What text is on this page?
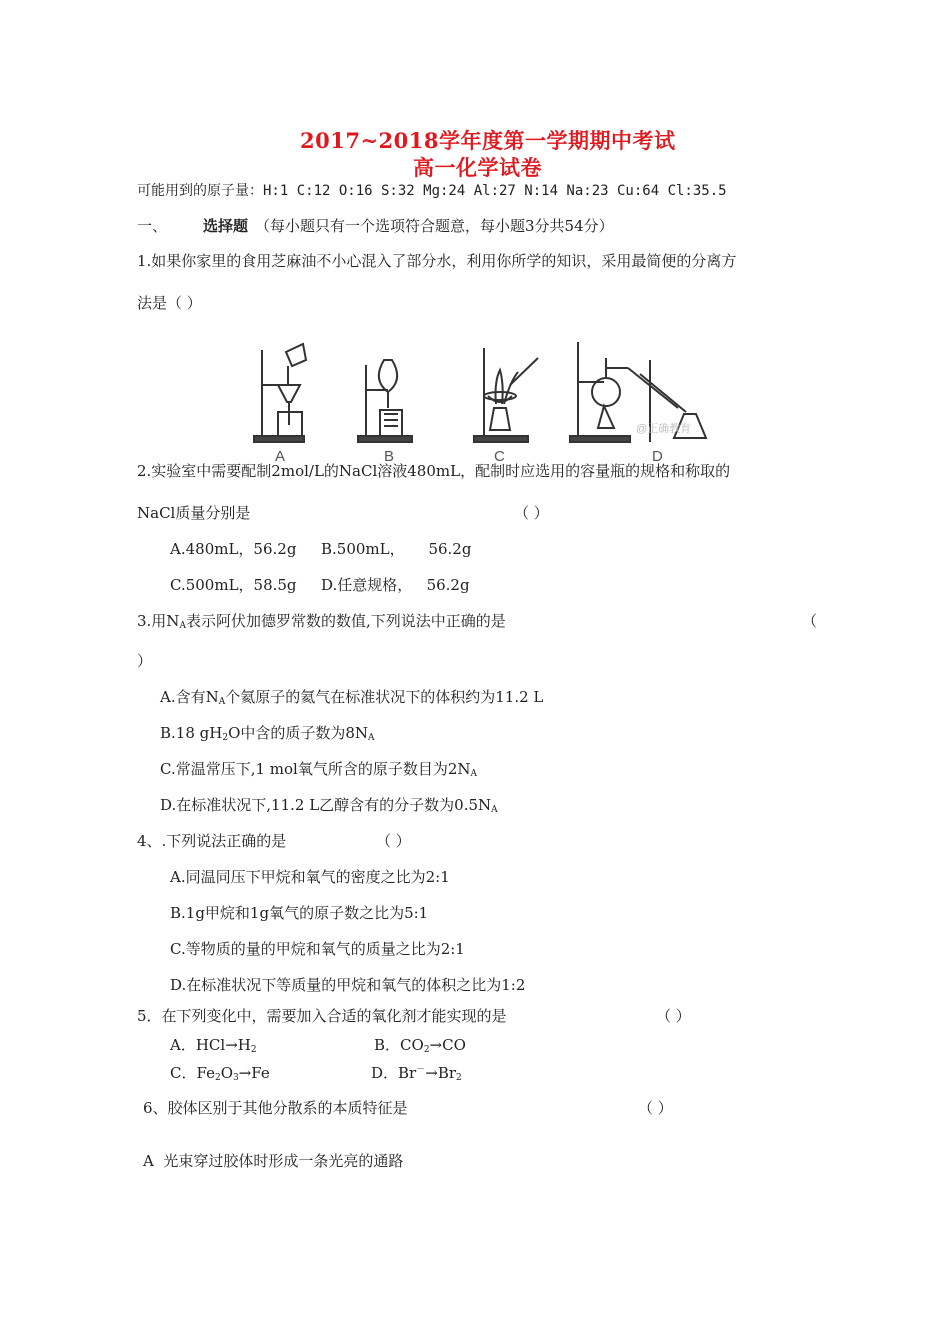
2017~2018学年度第一学期期中考试
高一化学试卷
可能用到的原子量：H:1 C:12 O:16 S:32 Mg:24 Al:27 N:14 Na:23 Cu:64 Cl:35.5
一、 选择题 （每小题只有一个选项符合题意，每小题3分共54分）
1.如果你家里的食用芝麻油不小心混入了部分水，利用你所学的知识，采用最简便的分离方
法是（ ）
A	B	C	D
@正确教育
2.实验室中需要配制2mol/L的NaCl溶液480mL，配制时应选用的容量瓶的规格和称取的
NaCl质量分别是	（ ）
A.480mL，56.2g B.500mL，     56.2g
C.500mL，58.5g D.任意规格，   56.2g
3.用$N_A$表示阿伏加德罗常数的数值,下列说法中正确的是	（
）
A.含有$N_A$个氦原子的氦气在标准状况下的体积约为11.2 L
B.18 $gH_2O$中含的质子数为$8N_A$
C.常温常压下,1 mol氧气所含的原子数目为$2N_A$
D.在标准状况下,11.2 L乙醇含有的分子数为$0.5N_A$
4、.下列说法正确的是	（ ）
A.同温同压下甲烷和氧气的密度之比为2:1
B.1g甲烷和1g氧气的原子数之比为5:1
C.等物质的量的甲烷和氧气的质量之比为2:1
D.在标准状况下等质量的甲烷和氧气的体积之比为1:2
5．在下列变化中，需要加入合适的氧化剂才能实现的是	（ ）
A．$HCl\to H_2$	B．$CO_2\to CO$
C．$Fe_2O_3\to Fe$	D．$Br^-\to Br_2$
6、胶体区别于其他分散系的本质特征是	（ ）
A  光束穿过胶体时形成一条光亮的通路
